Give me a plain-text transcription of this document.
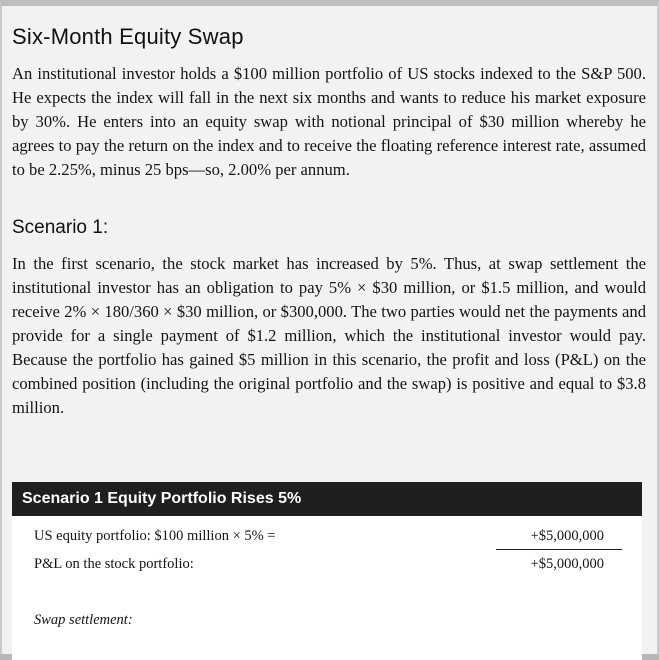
Six-Month Equity Swap
An institutional investor holds a $100 million portfolio of US stocks indexed to the S&P 500. He expects the index will fall in the next six months and wants to reduce his market exposure by 30%. He enters into an equity swap with notional principal of $30 million whereby he agrees to pay the return on the index and to receive the floating reference interest rate, assumed to be 2.25%, minus 25 bps—so, 2.00% per annum.
Scenario 1:
In the first scenario, the stock market has increased by 5%. Thus, at swap settlement the institutional investor has an obligation to pay 5% × $30 million, or $1.5 million, and would receive 2% × 180/360 × $30 million, or $300,000. The two parties would net the payments and provide for a single payment of $1.2 million, which the institutional investor would pay. Because the portfolio has gained $5 million in this scenario, the profit and loss (P&L) on the combined position (including the original portfolio and the swap) is positive and equal to $3.8 million.
Scenario 1 Equity Portfolio Rises 5%
US equity portfolio: $100 million × 5% =	+$5,000,000
P&L on the stock portfolio:	+$5,000,000
Swap settlement:
